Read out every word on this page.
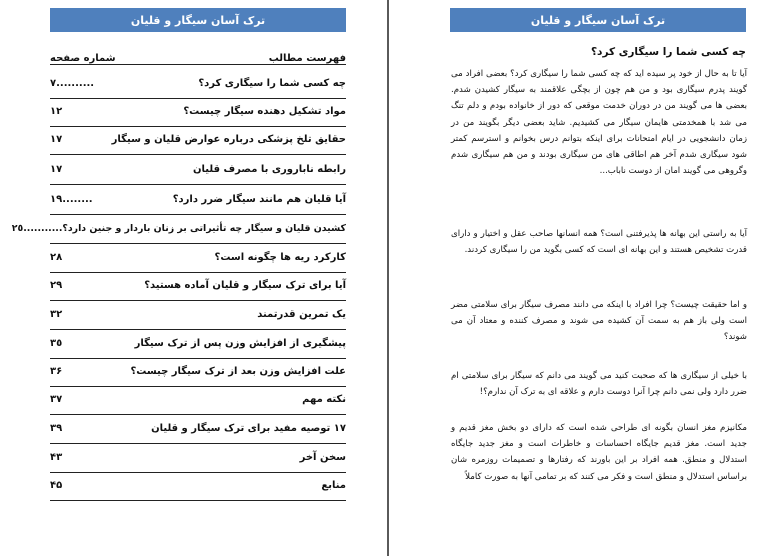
ترک آسان سیگار و قلیان
فهرست مطالب
شماره صفحه
چه کسی شما را سیگاری کرد؟
٧..........
مواد تشکیل دهنده سیگار چیست؟
١٢
حقایق تلخ پزشکی درباره عوارض قلیان و سیگار
١٧
رابطه ناباروری با مصرف قلیان
١٧
آیا قلیان هم مانند سیگار ضرر دارد؟
١٩........
کشیدن قلیان و سیگار چه تأثیراتی بر زنان باردار و جنین دارد؟
٢٥...........
کارکرد ریه ها چگونه است؟
٢٨
آیا برای ترک سیگار و قلیان آماده هستید؟
٢٩
یک تمرین قدرتمند
٣٢
پیشگیری از افزایش وزن پس از ترک سیگار
٣٥
علت افزایش وزن بعد از ترک سیگار چیست؟
٣۶
نکته مهم
٣٧
١٧ توصیه مفید برای ترک سیگار و قلیان
٣٩
سخن آخر
۴٣
منابع
۴۵
ترک آسان سیگار و قلیان
چه کسی شما را سیگاری کرد؟

آیا تا به حال از خود پر سیده اید که چه کسی شما را سیگاری کرد؟ بعضی افراد می گویند پدرم سیگاری بود و من هم چون از بچگی علاقمند به سیگار کشیدن شدم. بعضی ها می گویند من در دوران خدمت موقعی که دور از خانواده بودم و دلم تنگ می شد با همخدمتی هایمان سیگار می کشیدیم. شاید بعضی دیگر بگویند من در زمان دانشجویی در ایام امتحانات برای اینکه بتوانم درس بخوانم و استرسم کمتر شود سیگاری شدم آخر هم اطاقی های من سیگاری بودند و من هم سیگاری شدم وگروهی می گویند امان از دوست ناباب...

آیا به راستی این بهانه ها پذیرفتنی است؟ همه انسانها صاحب عقل و اختیار و دارای قدرت تشخیص هستند و این بهانه ای است که کسی بگوید من را سیگاری کردند.

و اما حقیقت چیست؟ چرا افراد با اینکه می دانند مصرف سیگار برای سلامتی مضر است ولی باز هم به سمت آن کشیده می شوند و مصرف کننده و معتاد آن می شوند؟

با خیلی از سیگاری ها که صحبت کنید می گویند می دانم که سیگار برای سلامتی ام ضرر دارد ولی نمی دانم چرا آنرا دوست دارم و علاقه ای به ترک آن ندارم؟!

مکانیزم مغز انسان بگونه ای طراحی شده است که دارای دو بخش مغز قدیم و جدید است. مغز قدیم جایگاه احساسات و خاطرات است و مغز جدید جایگاه استدلال و منطق. همه افراد بر این باورند که رفتارها و تصمیمات روزمره شان براساس استدلال و منطق است و فکر می کنند که بر تمامی آنها به صورت کاملاً
